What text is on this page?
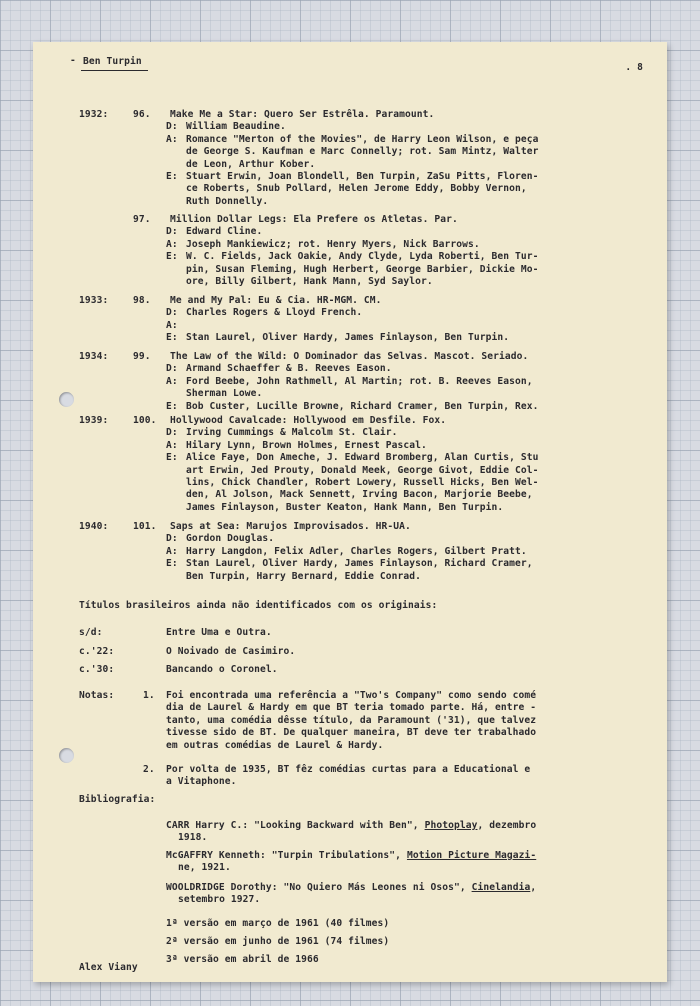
- Ben Turpin
. 8
1932:	96. Make Me a Star: Quero Ser Estrêla. Paramount.
D: William Beaudine.
A: Romance "Merton of the Movies", de Harry Leon Wilson, e peça
de George S. Kaufman e Marc Connelly; rot. Sam Mintz, Walter
de Leon, Arthur Kober.
E: Stuart Erwin, Joan Blondell, Ben Turpin, ZaSu Pitts, Floren-
ce Roberts, Snub Pollard, Helen Jerome Eddy, Bobby Vernon,
Ruth Donnelly.
97. Million Dollar Legs: Ela Prefere os Atletas. Par.
D: Edward Cline.
A: Joseph Mankiewicz; rot. Henry Myers, Nick Barrows.
E: W. C. Fields, Jack Oakie, Andy Clyde, Lyda Roberti, Ben Tur-
pin, Susan Fleming, Hugh Herbert, George Barbier, Dickie Mo-
ore, Billy Gilbert, Hank Mann, Syd Saylor.
1933:	98. Me and My Pal: Eu & Cia. HR-MGM. CM.
D: Charles Rogers & Lloyd French.
A:
E: Stan Laurel, Oliver Hardy, James Finlayson, Ben Turpin.
1934:	99. The Law of the Wild: O Dominador das Selvas. Mascot. Seriado.
D: Armand Schaeffer & B. Reeves Eason.
A: Ford Beebe, John Rathmell, Al Martin; rot. B. Reeves Eason,
Sherman Lowe.
E: Bob Custer, Lucille Browne, Richard Cramer, Ben Turpin, Rex.
1939:	100. Hollywood Cavalcade: Hollywood em Desfile. Fox.
D: Irving Cummings & Malcolm St. Clair.
A: Hilary Lynn, Brown Holmes, Ernest Pascal.
E: Alice Faye, Don Ameche, J. Edward Bromberg, Alan Curtis, Stu
art Erwin, Jed Prouty, Donald Meek, George Givot, Eddie Col-
lins, Chick Chandler, Robert Lowery, Russell Hicks, Ben Wel-
den, Al Jolson, Mack Sennett, Irving Bacon, Marjorie Beebe,
James Finlayson, Buster Keaton, Hank Mann, Ben Turpin.
1940:	101. Saps at Sea: Marujos Improvisados. HR-UA.
D: Gordon Douglas.
A: Harry Langdon, Felix Adler, Charles Rogers, Gilbert Pratt.
E: Stan Laurel, Oliver Hardy, James Finlayson, Richard Cramer,
Ben Turpin, Harry Bernard, Eddie Conrad.
Títulos brasileiros ainda não identificados com os originais:
s/d:	Entre Uma e Outra.
c.'22:	O Noivado de Casimiro.
c.'30:	Bancando o Coronel.
Notas:	1. Foi encontrada uma referência a "Two's Company" como sendo comé
dia de Laurel & Hardy em que BT teria tomado parte. Há, entre -
tanto, uma comédia dêsse título, da Paramount ('31), que talvez
tivesse sido de BT. De qualquer maneira, BT deve ter trabalhado
em outras comédias de Laurel & Hardy.
2. Por volta de 1935, BT fêz comédias curtas para a Educational e
a Vitaphone.
Bibliografia:
CARR Harry C.: "Looking Backward with Ben", Photoplay, dezembro
1918.
McGAFFRY Kenneth: "Turpin Tribulations", Motion Picture Magazi-
ne, 1921.
WOOLDRIDGE Dorothy: "No Quiero Más Leones ni Osos", Cinelandia,
setembro 1927.
1ª versão em março de 1961 (40 filmes)
2ª versão em junho de 1961 (74 filmes)
3ª versão em abril de 1966
Alex Viany
